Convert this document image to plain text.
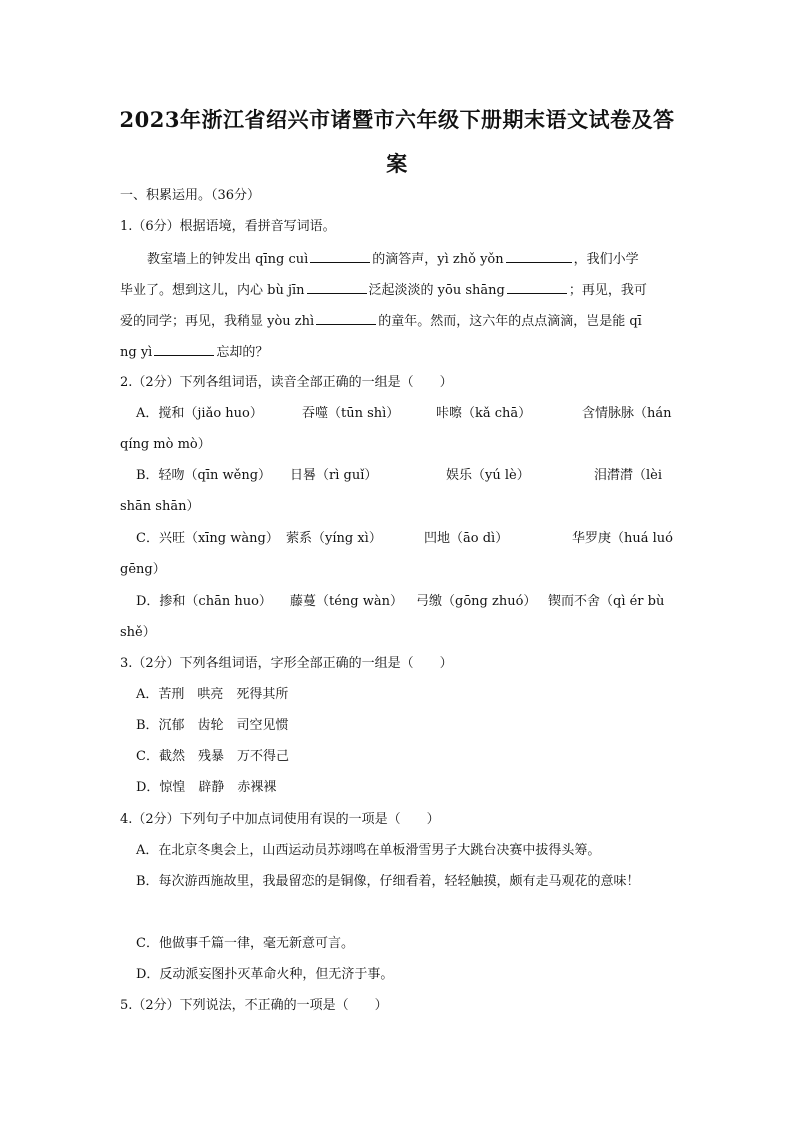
2023年浙江省绍兴市诸暨市六年级下册期末语文试卷及答
案
一、积累运用。（36分）
1.（6分）根据语境，看拼音写词语。
教室墙上的钟发出 qīng cuì	的滴答声，yì zhǒ yǒn	，我们小学
毕业了。想到这儿，内心 bù jīn	泛起淡淡的 yōu shāng	；再见，我可
爱的同学；再见，我稍显 yòu zhì	的童年。然而，这六年的点点滴滴，岂是能 qī
ng yì	忘却的？
2.（2分）下列各组词语，读音全部正确的一组是（　　）
A．搅和（jiǎo huo）	吞噬（tūn shì）	咔嚓（kǎ chā）	含情脉脉（hán
qíng mò mò）
B．轻吻（qīn wěng） 日晷（rì guǐ）	娱乐（yú lè）	泪潸潸（lèi
shān shān）
C．兴旺（xīng wàng） 萦系（yíng xì）	凹地（āo dì）	华罗庚（huá luó
gēng）
D．掺和（chān huo） 藤蔓（téng wàn） 弓缴（gōng zhuó） 锲而不舍（qì ér bù
shě）
3.（2分）下列各组词语，字形全部正确的一组是（　　）
A．苦刑　哄亮　死得其所
B．沉郁　齿轮　司空见惯
C．截然　残暴　万不得己
D．惊惶　辟静　赤裸裸
4.（2分）下列句子中加点词使用有误的一项是（　　）
A．在北京冬奥会上，山西运动员苏翊鸣在单板滑雪男子大跳台决赛中拔得头筹。
B．每次游西施故里，我最留恋的是铜像，仔细看着，轻轻触摸，颇有走马观花的意味！
C．他做事千篇一律，毫无新意可言。
D．反动派妄图扑灭革命火种，但无济于事。
5.（2分）下列说法，不正确的一项是（　　）
